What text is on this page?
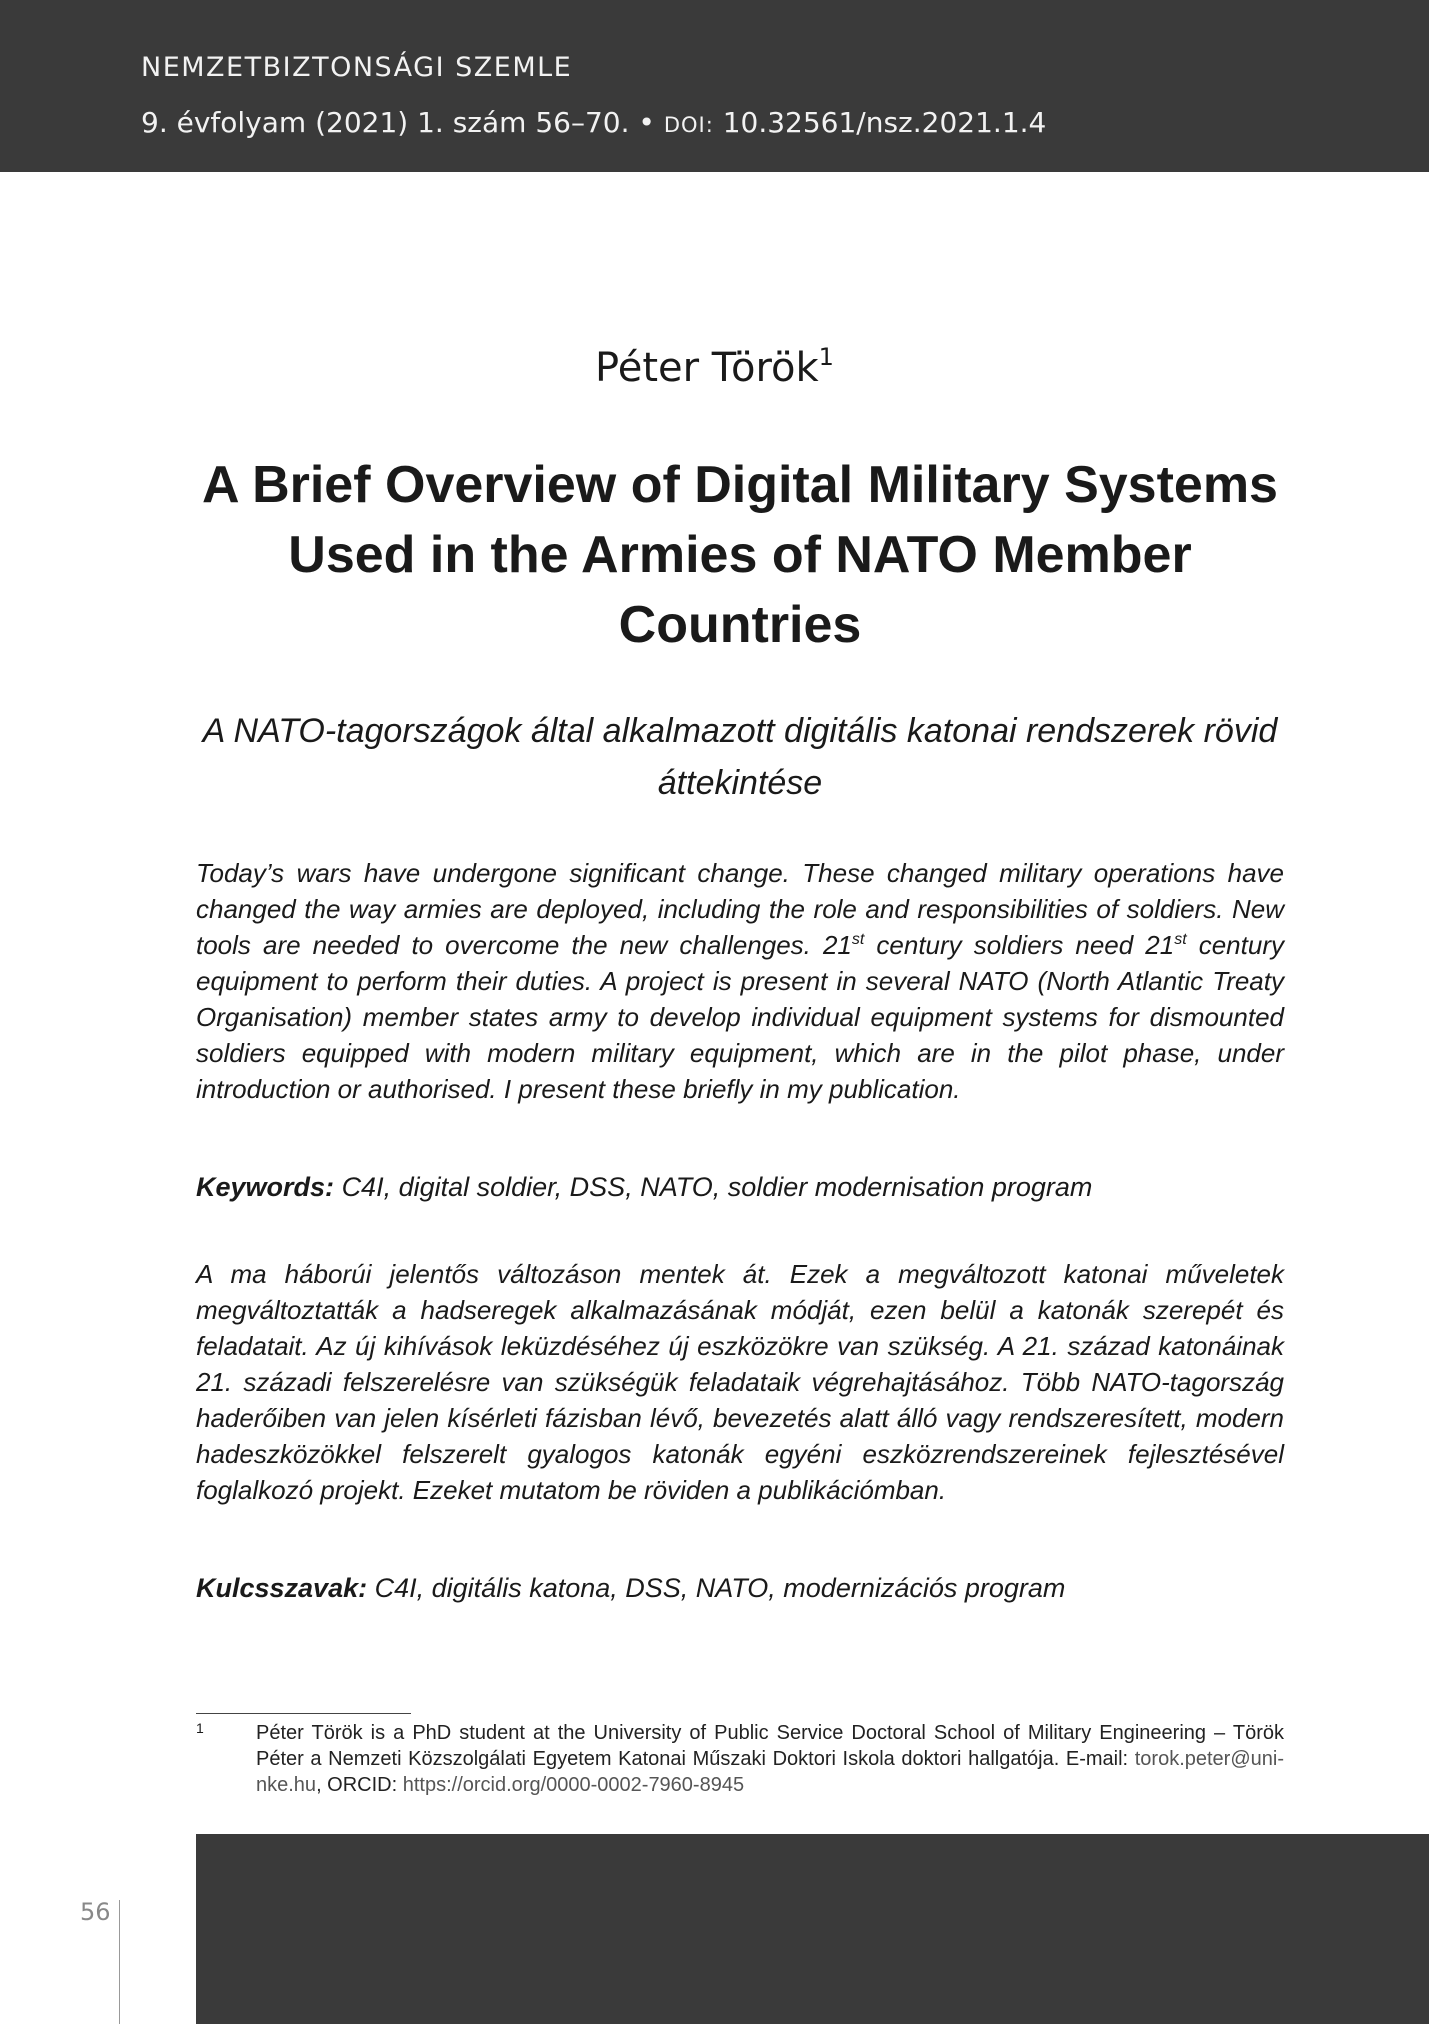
NEMZETBIZTONSÁGI SZEMLE
9. évfolyam (2021) 1. szám 56–70. • DOI: 10.32561/nsz.2021.1.4
Péter Török$^1$
A Brief Overview of Digital Military Systems Used in the Armies of NATO Member Countries
A NATO-tagországok által alkalmazott digitális katonai rendszerek rövid áttekintése
Today’s wars have undergone significant change. These changed military operations have changed the way armies are deployed, including the role and responsibilities of soldiers. New tools are needed to overcome the new challenges. 21st century soldiers need 21st century equipment to perform their duties. A project is present in several NATO (North Atlantic Treaty Organisation) member states army to develop individual equipment systems for dismounted soldiers equipped with modern military equipment, which are in the pilot phase, under introduction or authorised. I present these briefly in my publication.
Keywords: C4I, digital soldier, DSS, NATO, soldier modernisation program
A ma háborúi jelentős változáson mentek át. Ezek a megváltozott katonai műveletek megváltoztatták a hadseregek alkalmazásának módját, ezen belül a katonák szerepét és feladatait. Az új kihívások leküzdéséhez új eszközökre van szükség. A 21. század katonáinak 21. századi felszerelésre van szükségük feladataik végrehajtásához. Több NATO-tagország haderőiben van jelen kísérleti fázisban lévő, bevezetés alatt álló vagy rendszeresített, modern hadeszközökkel felszerelt gyalogos katonák egyéni eszközrendszereinek fejlesztésével foglalkozó projekt. Ezeket mutatom be röviden a publikációmban.
Kulcsszavak: C4I, digitális katona, DSS, NATO, modernizációs program
1	Péter Török is a PhD student at the University of Public Service Doctoral School of Military Engineering – Török Péter a Nemzeti Közszolgálati Egyetem Katonai Műszaki Doktori Iskola doktori hallgatója. E-mail: torok.peter@uni-nke.hu, ORCID: https://orcid.org/0000-0002-7960-8945
56
